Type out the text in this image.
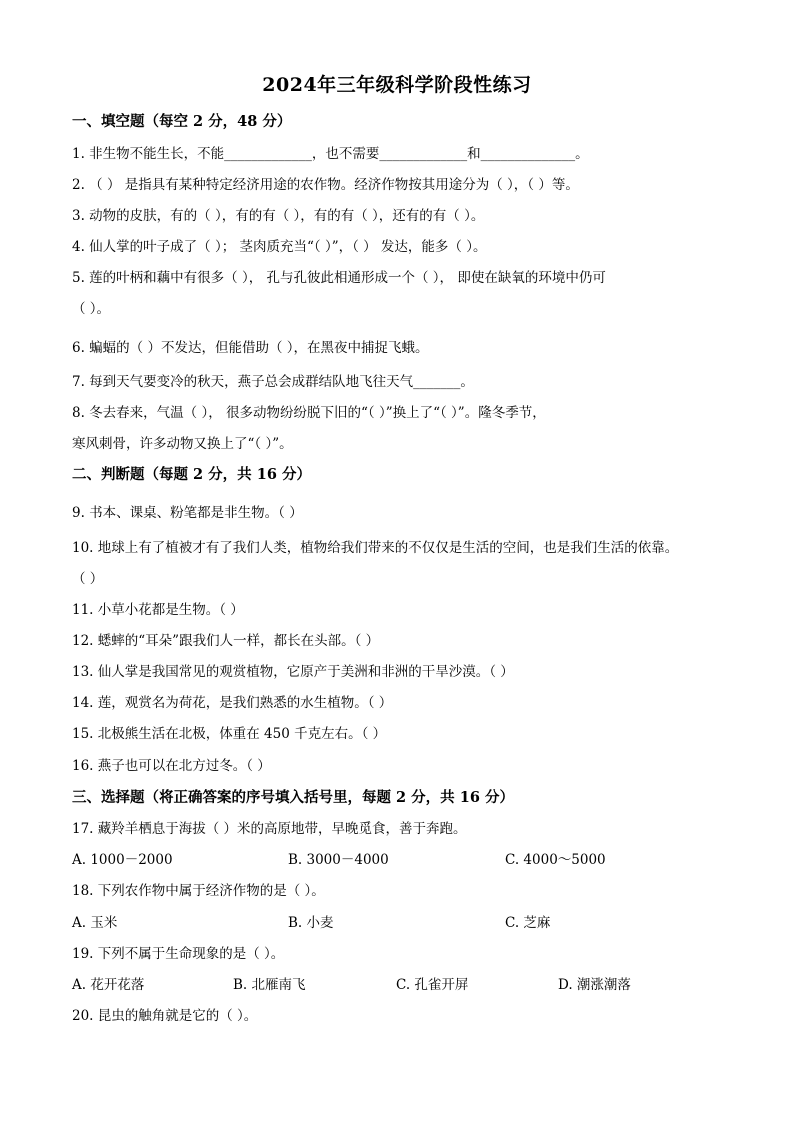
2024年三年级科学阶段性练习
一、填空题（每空 2 分，48 分）
1. 非生物不能生长，不能_____________，也不需要_____________和______________。
2. （ ） 是指具有某种特定经济用途的农作物。经济作物按其用途分为（ ），（ ）等。
3. 动物的皮肤，有的（ ），有的有（ ），有的有（ ），还有的有（ ）。
4. 仙人掌的叶子成了（ ）； 茎肉质充当“（ ）”，（ ） 发达，能多（ ）。
5. 莲的叶柄和藕中有很多（ ）， 孔与孔彼此相通形成一个（ ）， 即使在缺氧的环境中仍可
（ ）。
6. 蝙蝠的（ ）不发达，但能借助（ ），在黑夜中捕捉飞蛾。
7. 每到天气要变冷的秋天，燕子总会成群结队地飞往天气_______。
8. 冬去春来，气温（ ）， 很多动物纷纷脱下旧的“（ ）”换上了“（ ）”。隆冬季节，
寒风刺骨，许多动物又换上了“（ ）”。
二、判断题（每题 2 分，共 16 分）
9. 书本、课桌、粉笔都是非生物。（ ）
10. 地球上有了植被才有了我们人类，植物给我们带来的不仅仅是生活的空间，也是我们生活的依靠。
（ ）
11. 小草小花都是生物。（ ）
12. 蟋蟀的“耳朵”跟我们人一样，都长在头部。（ ）
13. 仙人掌是我国常见的观赏植物，它原产于美洲和非洲的干旱沙漠。（ ）
14. 莲，观赏名为荷花，是我们熟悉的水生植物。（ ）
15. 北极熊生活在北极，体重在 450 千克左右。（ ）
16. 燕子也可以在北方过冬。（ ）
三、选择题（将正确答案的序号填入括号里，每题 2 分，共 16 分）
17. 藏羚羊栖息于海拔（ ）米的高原地带，早晚觅食，善于奔跑。
A. 1000－2000	B. 3000－4000	C. 4000～5000
18. 下列农作物中属于经济作物的是（ ）。
A. 玉米	B. 小麦	C. 芝麻
19. 下列不属于生命现象的是（ ）。
A. 花开花落	B. 北雁南飞	C. 孔雀开屏	D. 潮涨潮落
20. 昆虫的触角就是它的（ ）。
